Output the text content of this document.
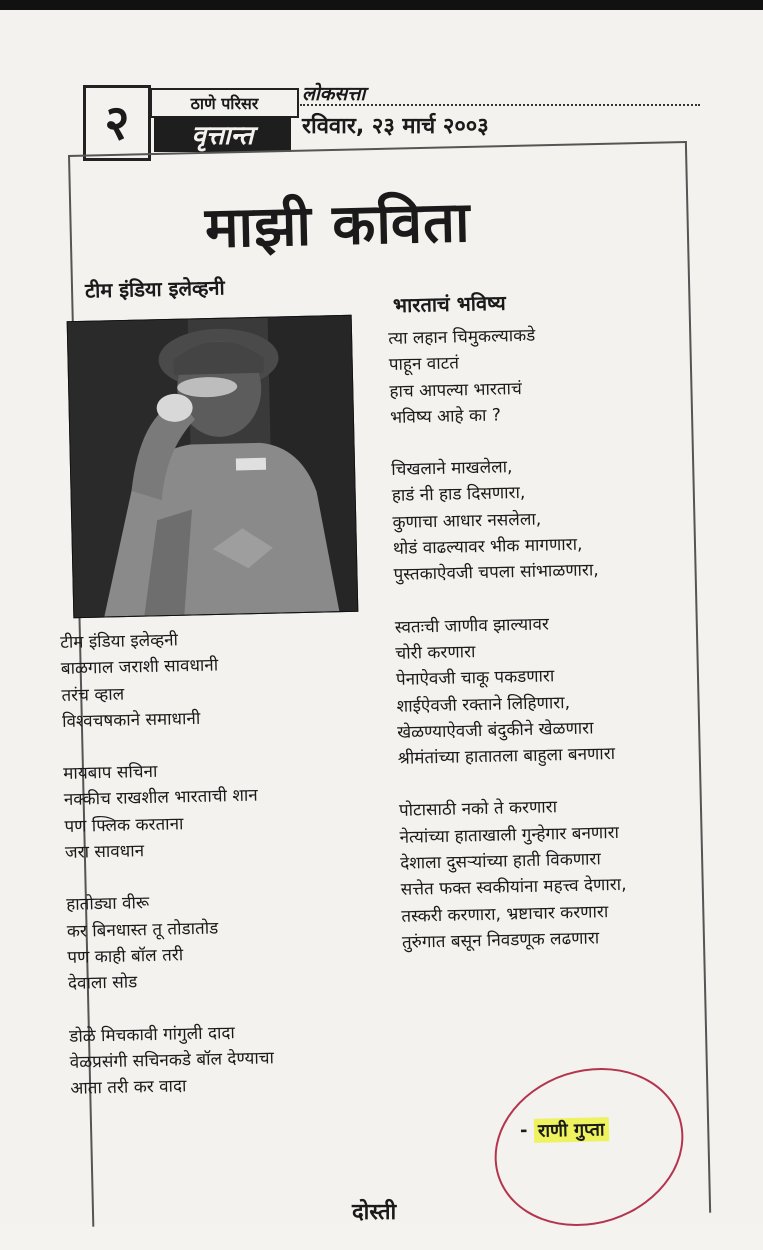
२	ठाणे परिसर
वृत्तान्त
लोकसत्ता
रविवार, २३ मार्च २००३
माझी कविता
टीम इंडिया इलेव्हनी
भारताचं भविष्य
टीम इंडिया इलेव्हनी
बाळगाल जराशी सावधानी
तरंच व्हाल
विश्वचषकाने समाधानी
मायबाप सचिना
नक्कीच राखशील भारताची शान
पण फ्लिक करताना
जरा सावधान
हातोड्या वीरू
कर बिनधास्त तू तोडातोड
पण काही बॉल तरी
देवाला सोड
डोळे मिचकावी गांगुली दादा
वेळप्रसंगी सचिनकडे बॉल देण्याचा
आता तरी कर वादा
त्या लहान चिमुकल्याकडे
पाहून वाटतं
हाच आपल्या भारताचं
भविष्य आहे का ?
चिखलाने माखलेला,
हाडं नी हाड दिसणारा,
कुणाचा आधार नसलेला,
थोडं वाढल्यावर भीक मागणारा,
पुस्तकाऐवजी चपला सांभाळणारा,
स्वतःची जाणीव झाल्यावर
चोरी करणारा
पेनाऐवजी चाकू पकडणारा
शाईऐवजी रक्ताने लिहिणारा,
खेळण्याऐवजी बंदुकीने खेळणारा
श्रीमंतांच्या हातातला बाहुला बनणारा
पोटासाठी नको ते करणारा
नेत्यांच्या हाताखाली गुन्हेगार बनणारा
देशाला दुसऱ्यांच्या हाती विकणारा
सत्तेत फक्त स्वकीयांना महत्त्व देणारा,
तस्करी करणारा, भ्रष्टाचार करणारा
तुरुंगात बसून निवडणूक लढणारा
- राणी गुप्ता
दोस्ती
